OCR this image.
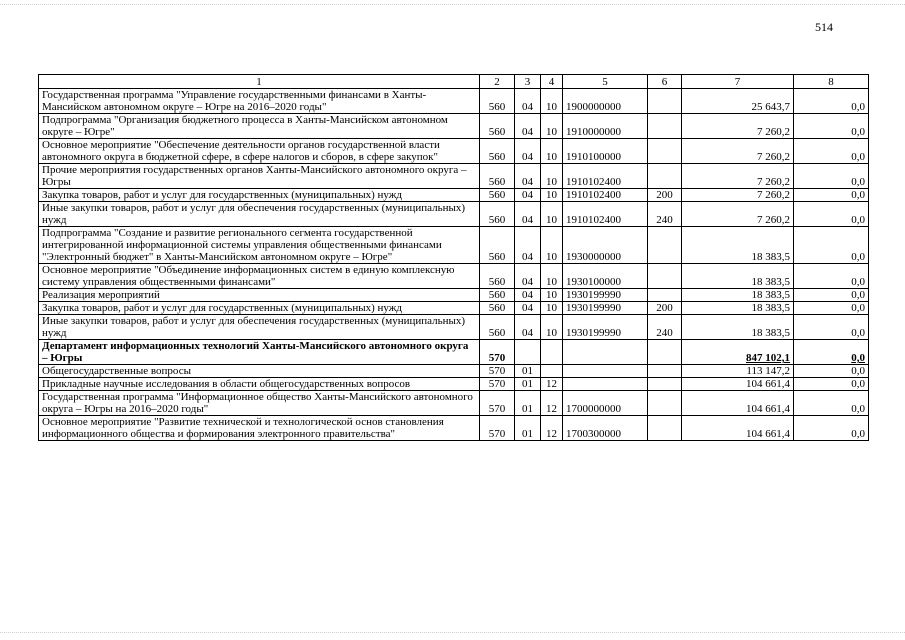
514
1	2	3	4	5	6	7	8
Государственная программа "Управление государственными финансами в Ханты-Мансийском автономном округе – Югре на 2016–2020 годы"	560	04	10	1900000000		25 643,7	0,0
Подпрограмма "Организация бюджетного процесса в Ханты-Мансийском автономном округе – Югре"	560	04	10	1910000000		7 260,2	0,0
Основное мероприятие "Обеспечение деятельности органов государственной власти автономного округа в бюджетной сфере, в сфере налогов и сборов, в сфере закупок"	560	04	10	1910100000		7 260,2	0,0
Прочие мероприятия государственных органов Ханты-Мансийского автономного округа – Югры	560	04	10	1910102400		7 260,2	0,0
Закупка товаров, работ и услуг для государственных (муниципальных) нужд	560	04	10	1910102400	200	7 260,2	0,0
Иные закупки товаров, работ и услуг для обеспечения государственных (муниципальных) нужд	560	04	10	1910102400	240	7 260,2	0,0
Подпрограмма "Создание и развитие регионального сегмента государственной интегрированной информационной системы управления общественными финансами "Электронный бюджет" в Ханты-Мансийском автономном округе – Югре"	560	04	10	1930000000		18 383,5	0,0
Основное мероприятие "Объединение информационных систем в единую комплексную систему управления общественными финансами"	560	04	10	1930100000		18 383,5	0,0
Реализация мероприятий	560	04	10	1930199990		18 383,5	0,0
Закупка товаров, работ и услуг для государственных (муниципальных) нужд	560	04	10	1930199990	200	18 383,5	0,0
Иные закупки товаров, работ и услуг для обеспечения государственных (муниципальных) нужд	560	04	10	1930199990	240	18 383,5	0,0
Департамент информационных технологий Ханты-Мансийского автономного округа – Югры	570					847 102,1	0,0
Общегосударственные вопросы	570	01				113 147,2	0,0
Прикладные научные исследования в области общегосударственных вопросов	570	01	12			104 661,4	0,0
Государственная программа "Информационное общество Ханты-Мансийского автономного округа – Югры на 2016–2020 годы"	570	01	12	1700000000		104 661,4	0,0
Основное мероприятие "Развитие технической и технологической основ становления информационного общества и формирования электронного правительства"	570	01	12	1700300000		104 661,4	0,0
